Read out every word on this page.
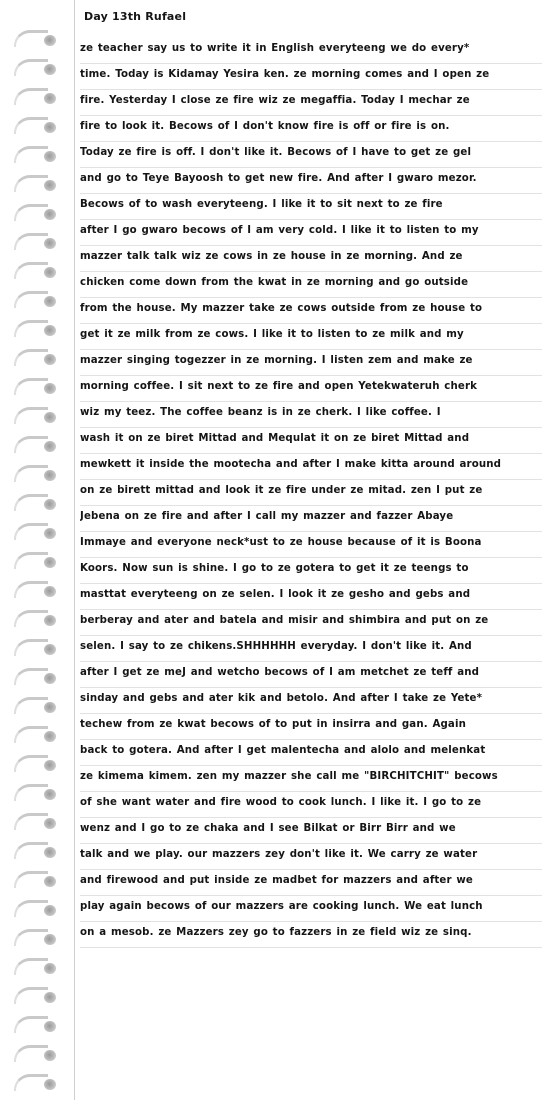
Day 13th Rufael
ze teacher say us to write it in English everyteeng we do every*
time. Today is Kidamay Yesira ken. ze morning comes and I open ze
fire. Yesterday I close ze fire wiz ze megaffia. Today I mechar ze
fire to look it. Becows of I don't know fire is off or fire is on.
Today ze fire is off. I don't like it. Becows of I have to get ze gel
and go to Teye Bayoosh to get new fire. And after I gwaro mezor.
Becows of to wash everyteeng. I like it to sit next to ze fire
after I go gwaro becows of I am very cold. I like it to listen to my
mazzer talk talk wiz ze cows in ze house in ze morning. And ze
chicken come down from the kwat in ze morning and go outside
from the house. My mazzer take ze cows outside from ze house to
get it ze milk from ze cows. I like it to listen to ze milk and my
mazzer singing togezzer in ze morning. I listen zem and make ze
morning coffee. I sit next to ze fire and open Yetekwateruh cherk
wiz my teez. The coffee beanz is in ze cherk. I like coffee. I
wash it on ze biret Mittad and Mequlat it on ze biret Mittad and
mewkett it inside the mootecha and after I make kitta around around
on ze birett mittad and look it ze fire under ze mitad. zen I put ze
Jebena on ze fire and after I call my mazzer and fazzer Abaye
Immaye and everyone neck*ust to ze house because of it is Boona
Koors. Now sun is shine. I go to ze gotera to get it ze teengs to
masttat everyteeng on ze selen. I look it ze gesho and gebs and
berberay and ater and batela and misir and shimbira and put on ze
selen. I say to ze chikens.SHHHHHH everyday. I don't like it. And
after I get ze meJ and wetcho becows of I am metchet ze teff and
sinday and gebs and ater kik and betolo. And after I take ze Yete*
techew from ze kwat becows of to put in insirra and gan. Again
back to gotera. And after I get malentecha and alolo and melenkat
ze kimema kimem. zen my mazzer she call me "BIRCHITCHIT" becows
of she want water and fire wood to cook lunch. I like it. I go to ze
wenz and I go to ze chaka and I see Bilkat or Birr Birr and we
talk and we play. our mazzers zey don't like it. We carry ze water
and firewood and put inside ze madbet for mazzers and after we
play again becows of our mazzers are cooking lunch. We eat lunch
on a mesob. ze Mazzers zey go to fazzers in ze field wiz ze sinq.
